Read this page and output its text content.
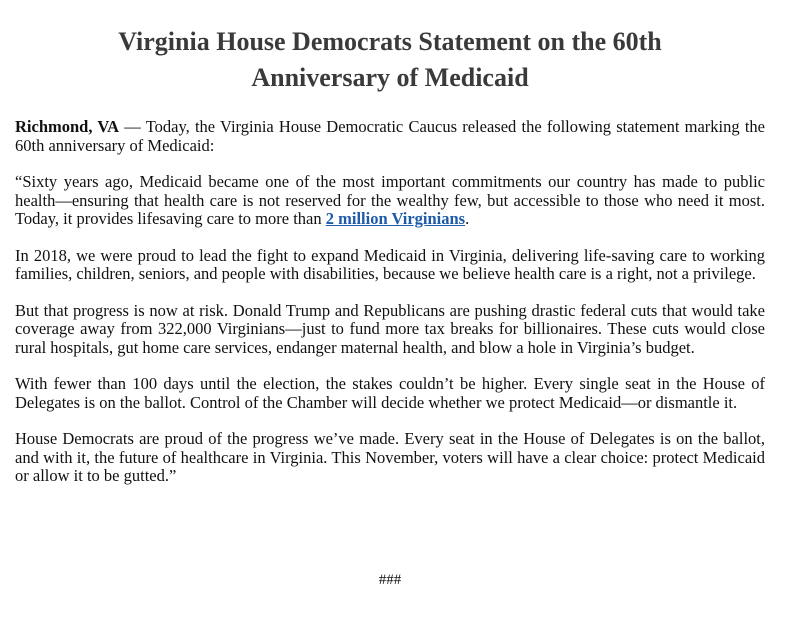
Virginia House Democrats Statement on the 60th
Anniversary of Medicaid

Richmond, VA — Today, the Virginia House Democratic Caucus released the following statement marking the 60th anniversary of Medicaid:

“Sixty years ago, Medicaid became one of the most important commitments our country has made to public health—ensuring that health care is not reserved for the wealthy few, but accessible to those who need it most. Today, it provides lifesaving care to more than 2 million Virginians.

In 2018, we were proud to lead the fight to expand Medicaid in Virginia, delivering life-saving care to working families, children, seniors, and people with disabilities, because we believe health care is a right, not a privilege.

But that progress is now at risk. Donald Trump and Republicans are pushing drastic federal cuts that would take coverage away from 322,000 Virginians—just to fund more tax breaks for billionaires. These cuts would close rural hospitals, gut home care services, endanger maternal health, and blow a hole in Virginia’s budget.

With fewer than 100 days until the election, the stakes couldn’t be higher. Every single seat in the House of Delegates is on the ballot. Control of the Chamber will decide whether we protect Medicaid—or dismantle it.

House Democrats are proud of the progress we’ve made. Every seat in the House of Delegates is on the ballot, and with it, the future of healthcare in Virginia. This November, voters will have a clear choice: protect Medicaid or allow it to be gutted.”

###
